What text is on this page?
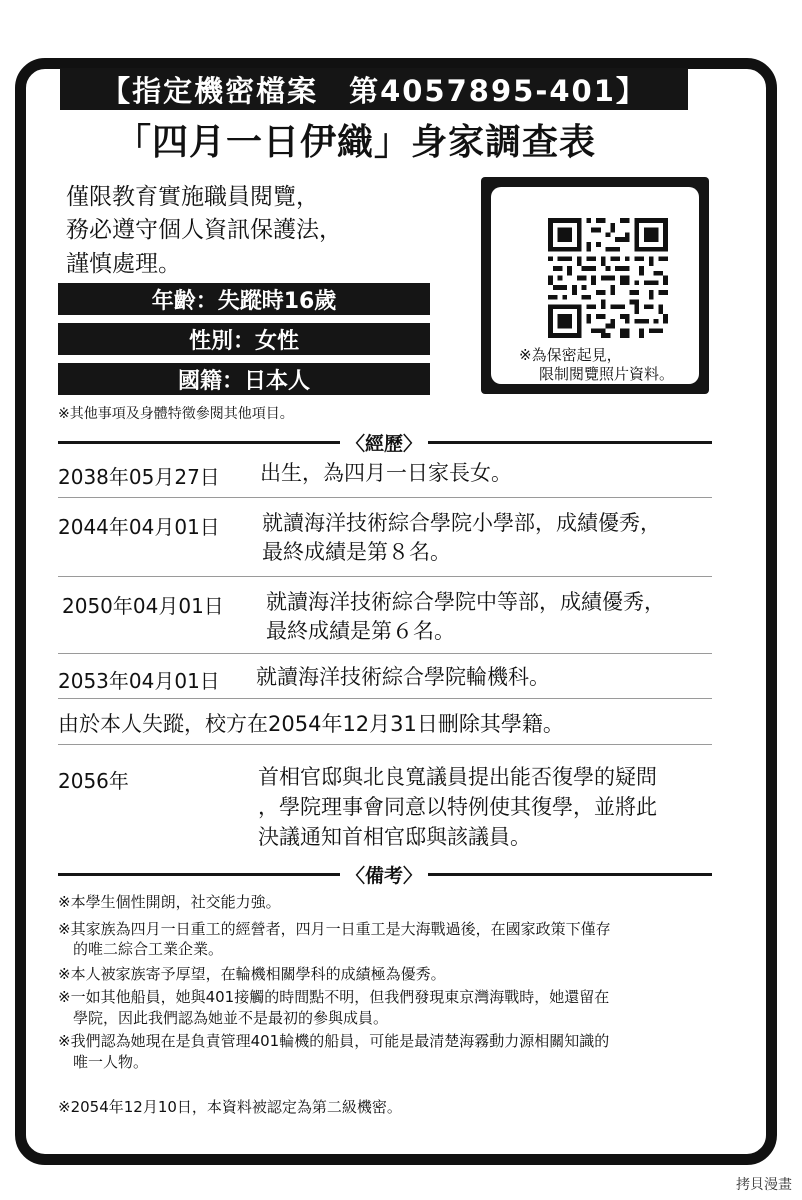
【指定機密檔案　第4057895-401】
「四月一日伊織」身家調查表
僅限教育實施職員閱覽，
務必遵守個人資訊保護法，
謹慎處理。
年齡：失蹤時16歲
性別：女性
國籍：日本人
※其他事項及身體特徵參閱其他項目。
※為保密起見，
限制閱覽照片資料。
〈經歷〉
2038年05月27日 出生，為四月一日家長女。
2044年04月01日 就讀海洋技術綜合學院小學部，成績優秀，
最終成績是第８名。
2050年04月01日 就讀海洋技術綜合學院中等部，成績優秀，
最終成績是第６名。
2053年04月01日 就讀海洋技術綜合學院輪機科。
由於本人失蹤，校方在2054年12月31日刪除其學籍。
2056年	首相官邸與北良寬議員提出能否復學的疑問
，學院理事會同意以特例使其復學，並將此
決議通知首相官邸與該議員。
〈備考〉
※本學生個性開朗，社交能力強。
※其家族為四月一日重工的經營者，四月一日重工是大海戰過後，在國家政策下僅存
　的唯二綜合工業企業。
※本人被家族寄予厚望，在輪機相關學科的成績極為優秀。
※一如其他船員，她與401接觸的時間點不明，但我們發現東京灣海戰時，她還留在
　學院，因此我們認為她並不是最初的參與成員。
※我們認為她現在是負責管理401輪機的船員，可能是最清楚海霧動力源相關知識的
　唯一人物。
※2054年12月10日，本資料被認定為第二級機密。
拷貝漫畫
